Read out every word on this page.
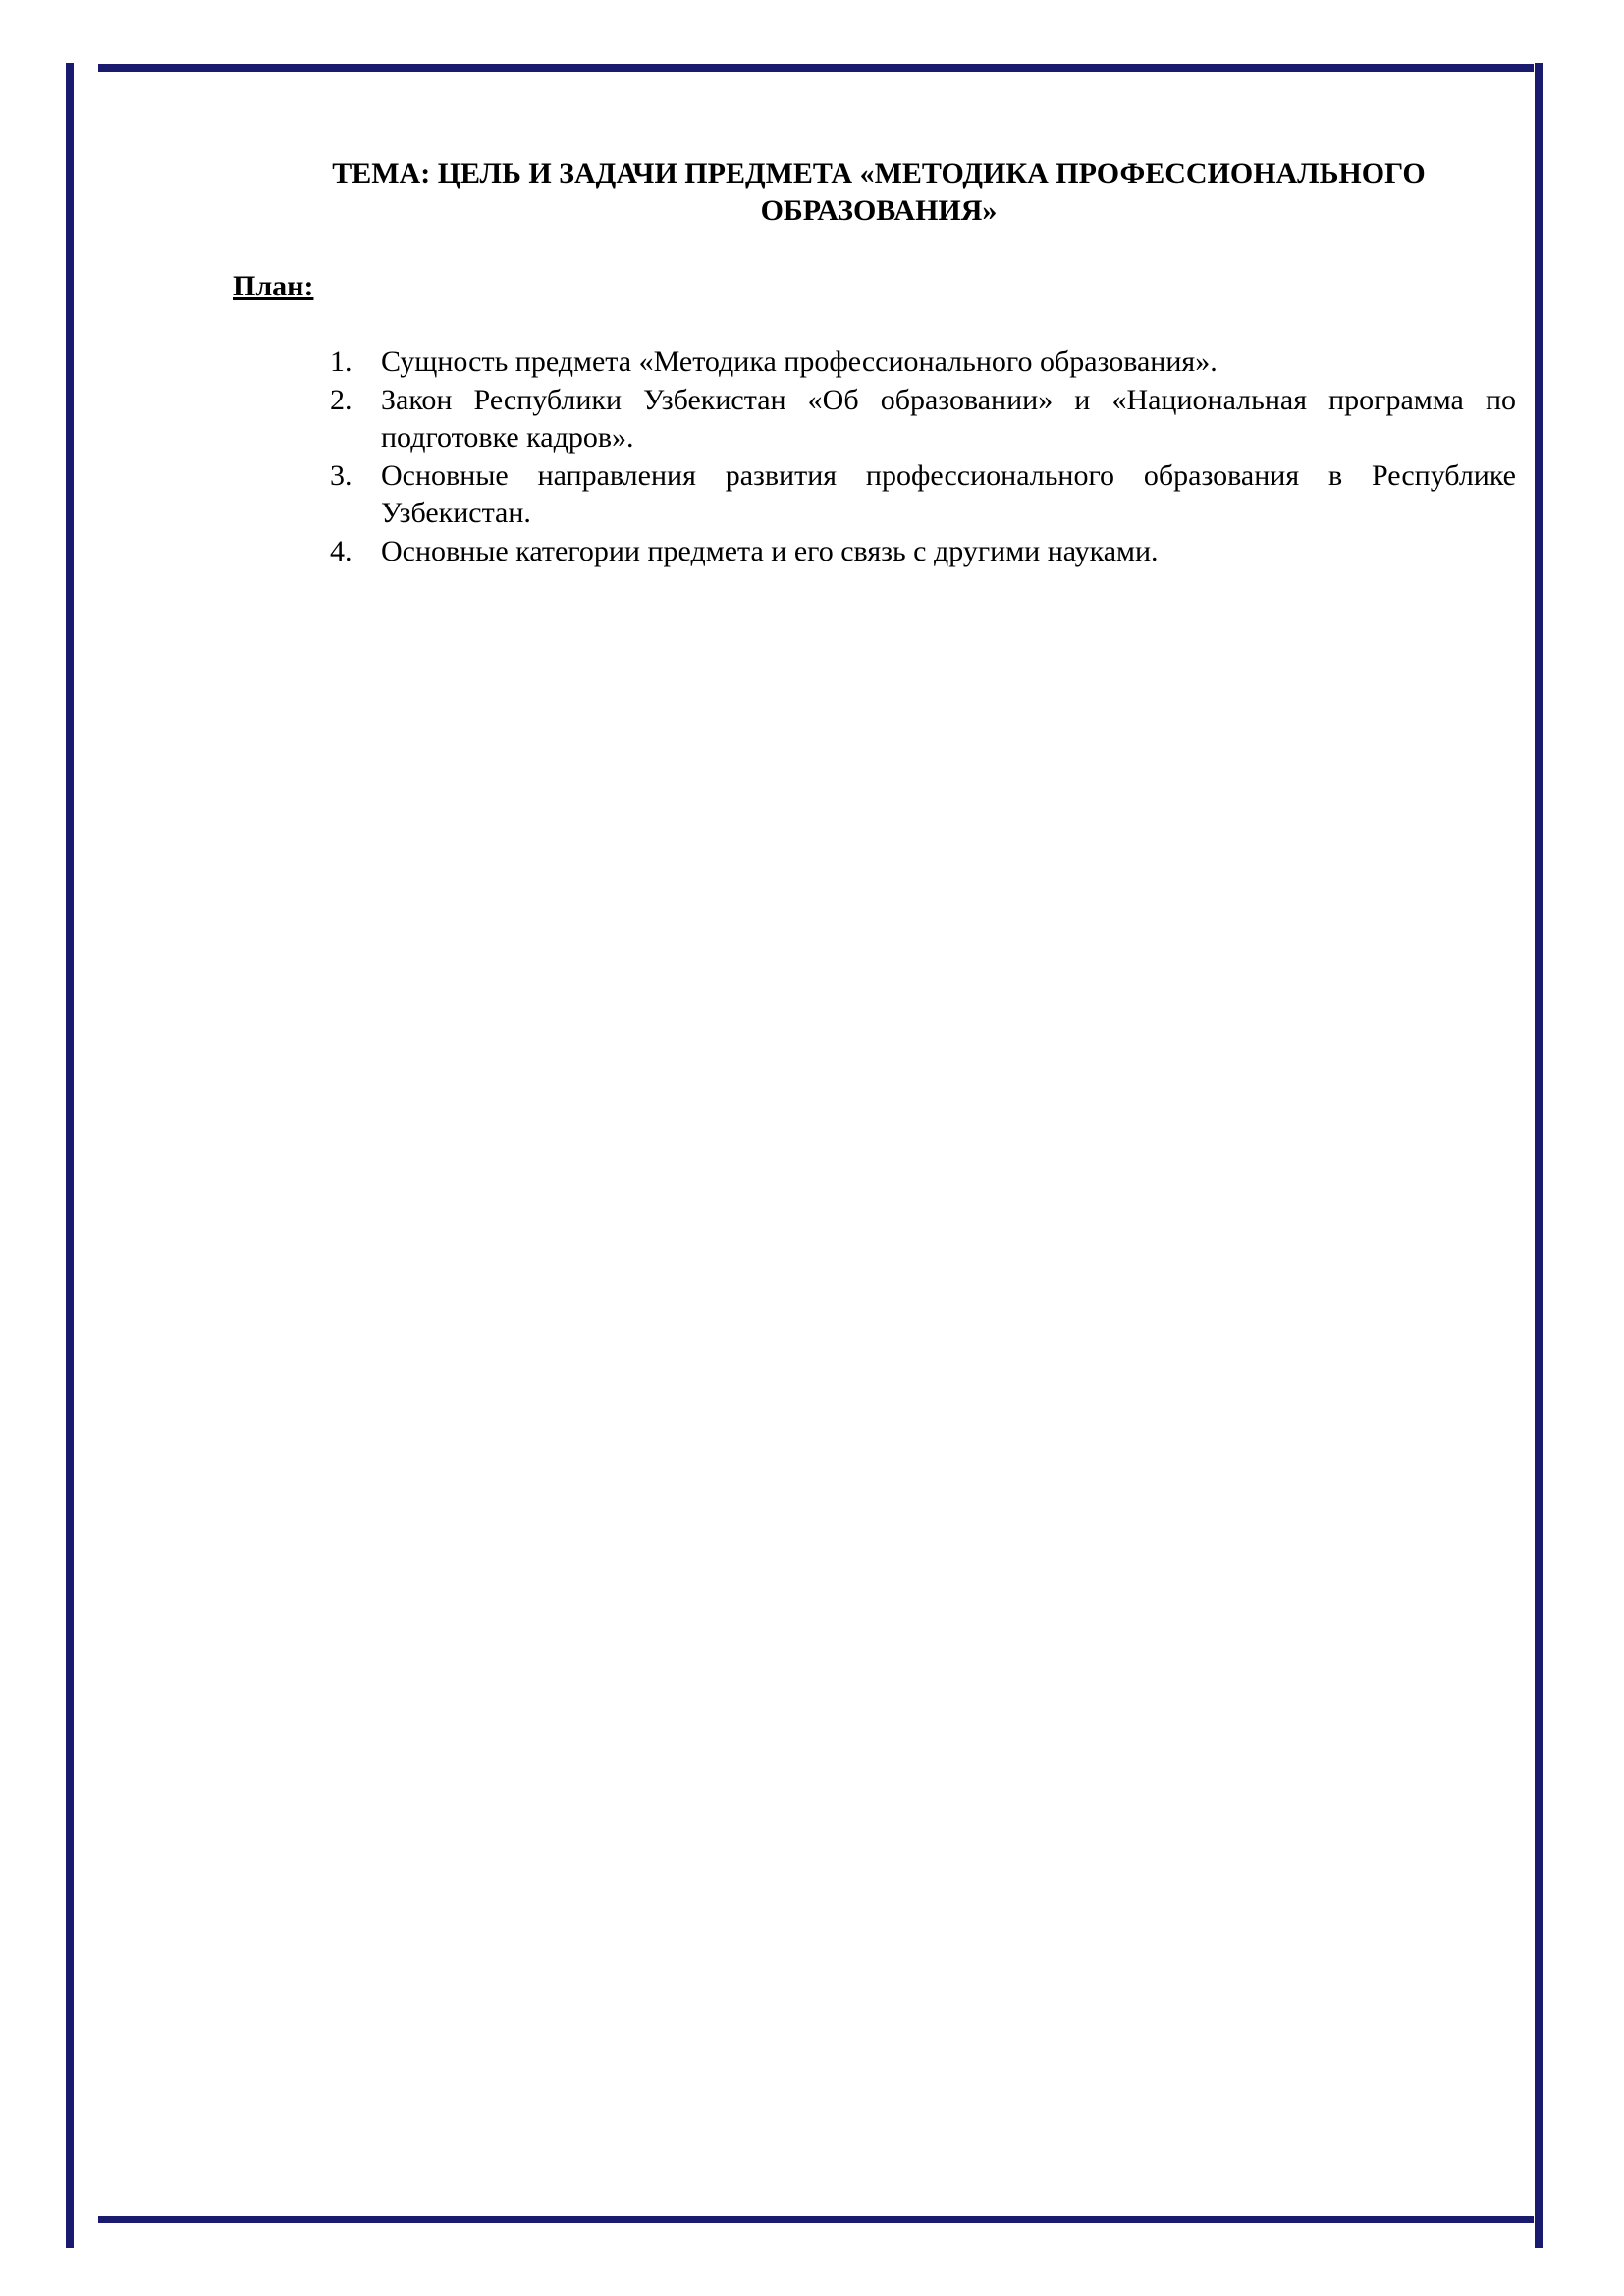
ТЕМА: ЦЕЛЬ И ЗАДАЧИ ПРЕДМЕТА «МЕТОДИКА ПРОФЕССИОНАЛЬНОГО ОБРАЗОВАНИЯ»
План:
1. Сущность предмета «Методика профессионального образования».
2. Закон Республики Узбекистан «Об образовании» и «Национальная программа по подготовке кадров».
3. Основные направления развития профессионального образования в Республике Узбекистан.
4. Основные категории предмета и его связь с другими науками.
